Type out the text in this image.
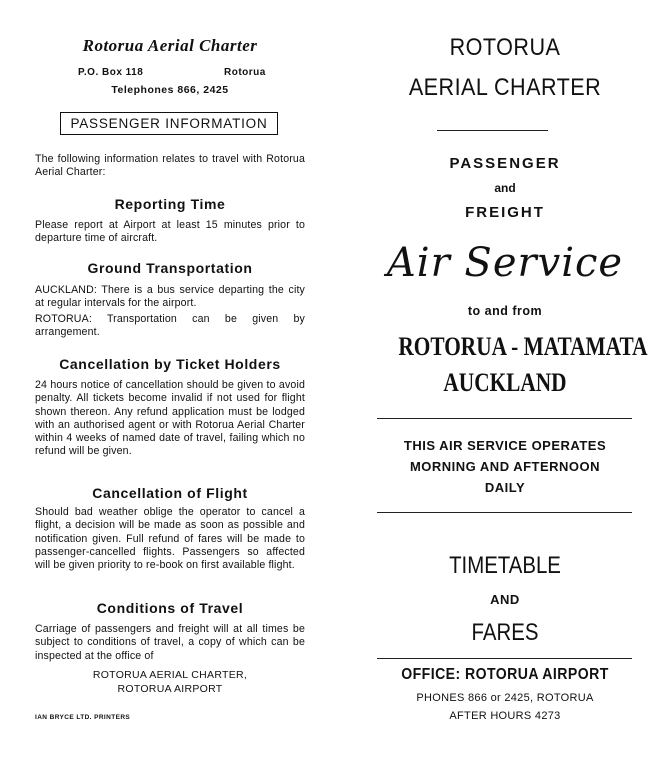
Rotorua Aerial Charter
P.O. Box 118	Rotorua
Telephones 866, 2425
PASSENGER INFORMATION
The following information relates to travel with Rotorua Aerial Charter:
Reporting Time
Please report at Airport at least 15 minutes prior to departure time of aircraft.
Ground Transportation
AUCKLAND: There is a bus service departing the city at regular intervals for the airport.
ROTORUA: Transportation can be given by arrangement.
Cancellation by Ticket Holders
24 hours notice of cancellation should be given to avoid penalty. All tickets become invalid if not used for flight shown thereon. Any refund application must be lodged with an authorised agent or with Rotorua Aerial Charter within 4 weeks of named date of travel, failing which no refund will be given.
Cancellation of Flight
Should bad weather oblige the operator to cancel a flight, a decision will be made as soon as possible and notification given. Full refund of fares will be made to passenger-cancelled flights. Passengers so affected will be given priority to re-book on first available flight.
Conditions of Travel
Carriage of passengers and freight will at all times be subject to conditions of travel, a copy of which can be inspected at the office of
ROTORUA AERIAL CHARTER,
ROTORUA AIRPORT
IAN BRYCE LTD. PRINTERS
ROTORUA
AERIAL CHARTER
PASSENGER
and
FREIGHT
Air Service
to and from
ROTORUA - MATAMATA
AUCKLAND
THIS AIR SERVICE OPERATES
MORNING AND AFTERNOON
DAILY
TIMETABLE
AND
FARES
OFFICE: ROTORUA AIRPORT
PHONES 866 or 2425, ROTORUA
AFTER HOURS 4273
